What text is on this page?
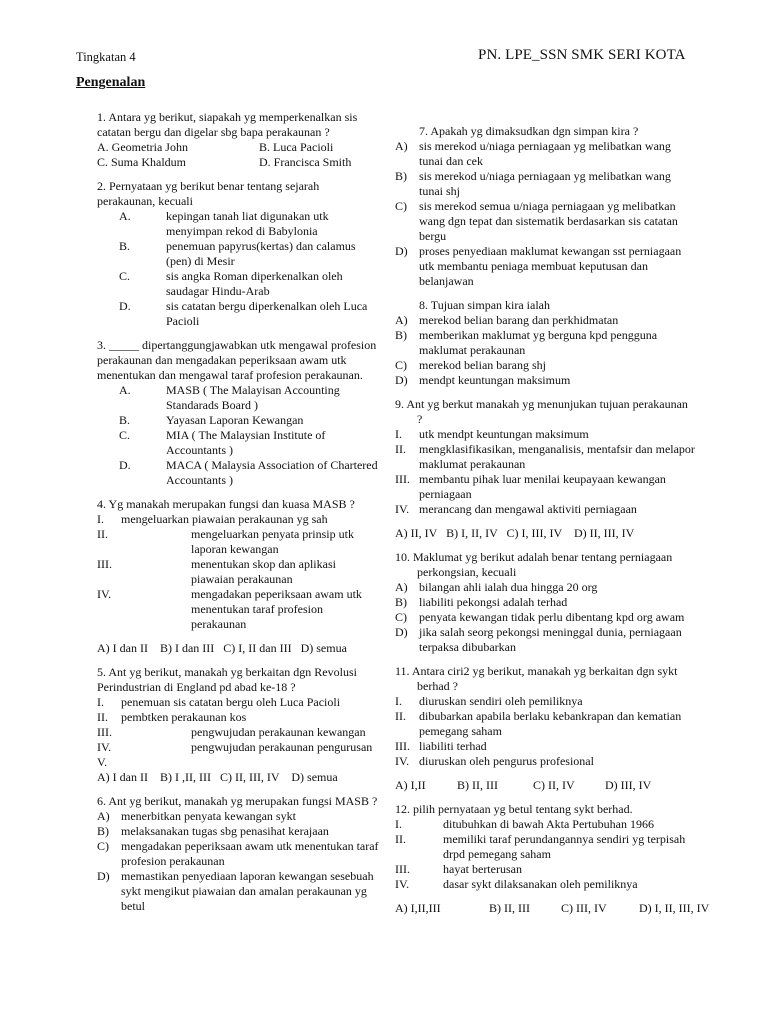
Tingkatan 4	PN. LPE_SSN SMK SERI KOTA
Pengenalan

1. Antara yg berikut, siapakah yg memperkenalkan sis catatan bergu dan digelar sbg bapa perakaunan ?

A. Geometria John	B. Luca Pacioli
C. Suma Khaldum	D. Francisca Smith

2. Pernyataan yg berikut benar tentang sejarah perakaunan, kecuali

A.	kepingan tanah liat digunakan utk menyimpan rekod di Babylonia
B.	penemuan papyrus(kertas) dan calamus (pen) di Mesir
C.	sis angka Roman diperkenalkan oleh saudagar Hindu-Arab
D.	sis catatan bergu diperkenalkan oleh Luca Pacioli

3. _____ dipertanggungjawabkan utk mengawal profesion perakaunan dan mengadakan peperiksaan awam utk menentukan dan mengawal taraf profesion perakaunan.

A.	MASB ( The Malayisan Accounting Standarads Board )
B.	Yayasan Laporan Kewangan
C.	MIA ( The Malaysian Institute of Accountants )
D.	MACA ( Malaysia Association of Chartered Accountants )

4. Yg manakah merupakan fungsi dan kuasa MASB ?

I.	mengeluarkan piawaian perakaunan yg sah
II.	mengeluarkan penyata prinsip utk laporan kewangan
III.	menentukan skop dan aplikasi piawaian perakaunan
IV.	mengadakan peperiksaan awam utk menentukan taraf profesion perakaunan
A) I dan II    B) I dan III   C) I, II dan III   D) semua

5. Ant yg berikut, manakah yg berkaitan dgn Revolusi Perindustrian di England pd abad ke-18 ?

I.	penemuan sis catatan bergu oleh Luca Pacioli
II.	pembtken perakaunan kos
III.	pengwujudan perakaunan kewangan
IV.	pengwujudan perakaunan pengurusan
V.
A) I dan II    B) I ,II, III   C) II, III, IV    D) semua

6. Ant yg berikut, manakah yg merupakan fungsi MASB ?

A) menerbitkan penyata kewangan sykt
B)	melaksanakan tugas sbg penasihat kerajaan
C)	mengadakan peperiksaan awam utk menentukan taraf profesion perakaunan
D) memastikan penyediaan laporan kewangan sesebuah sykt mengikut piawaian dan amalan perakaunan yg betul

7. Apakah yg dimaksudkan dgn simpan kira ?

A) sis merekod u/niaga perniagaan yg melibatkan wang tunai dan cek
B)	sis merekod u/niaga perniagaan yg melibatkan wang tunai shj
C)	sis merekod semua u/niaga perniagaan yg melibatkan wang dgn tepat dan sistematik berdasarkan sis catatan bergu
D) proses penyediaan maklumat kewangan sst perniagaan utk membantu peniaga membuat keputusan dan belanjawan

8. Tujuan simpan kira ialah

A) merekod belian barang dan perkhidmatan
B)	memberikan maklumat yg berguna kpd pengguna maklumat perakaunan
C)	merekod belian barang shj
D) mendpt keuntungan maksimum

9. Ant yg berkut manakah yg menunjukan tujuan perakaunan ?

I.	utk mendpt keuntungan maksimum
II.	mengklasifikasikan, menganalisis, mentafsir dan melapor maklumat perakaunan
III. membantu pihak luar menilai keupayaan kewangan perniagaan
IV. merancang dan mengawal aktiviti perniagaan
A) II, IV   B) I, II, IV   C) I, III, IV    D) II, III, IV

10. Maklumat yg berikut adalah benar tentang perniagaan perkongsian, kecuali

A) bilangan ahli ialah dua hingga 20 org
B)	liabiliti pekongsi adalah terhad
C)	penyata kewangan tidak perlu dibentang kpd org awam
D) jika salah seorg pekongsi meninggal dunia, perniagaan terpaksa dibubarkan

11. Antara ciri2 yg berikut, manakah yg berkaitan dgn sykt berhad ?

I.	diuruskan sendiri oleh pemiliknya
II.	dibubarkan apabila berlaku kebankrapan dan kematian pemegang saham
III. liabiliti terhad
IV. diuruskan oleh pengurus profesional
A) I,II	B) II, III	C) II, IV	D) III, IV

12. pilih pernyataan yg betul tentang sykt berhad.

I.	ditubuhkan di bawah Akta Pertubuhan 1966
II.	memiliki taraf perundangannya sendiri yg terpisah drpd pemegang saham
III.	hayat berterusan
IV.	dasar sykt dilaksanakan oleh pemiliknya
A) I,II,III	B) II, III	C) III, IV	D) I, II, III, IV
